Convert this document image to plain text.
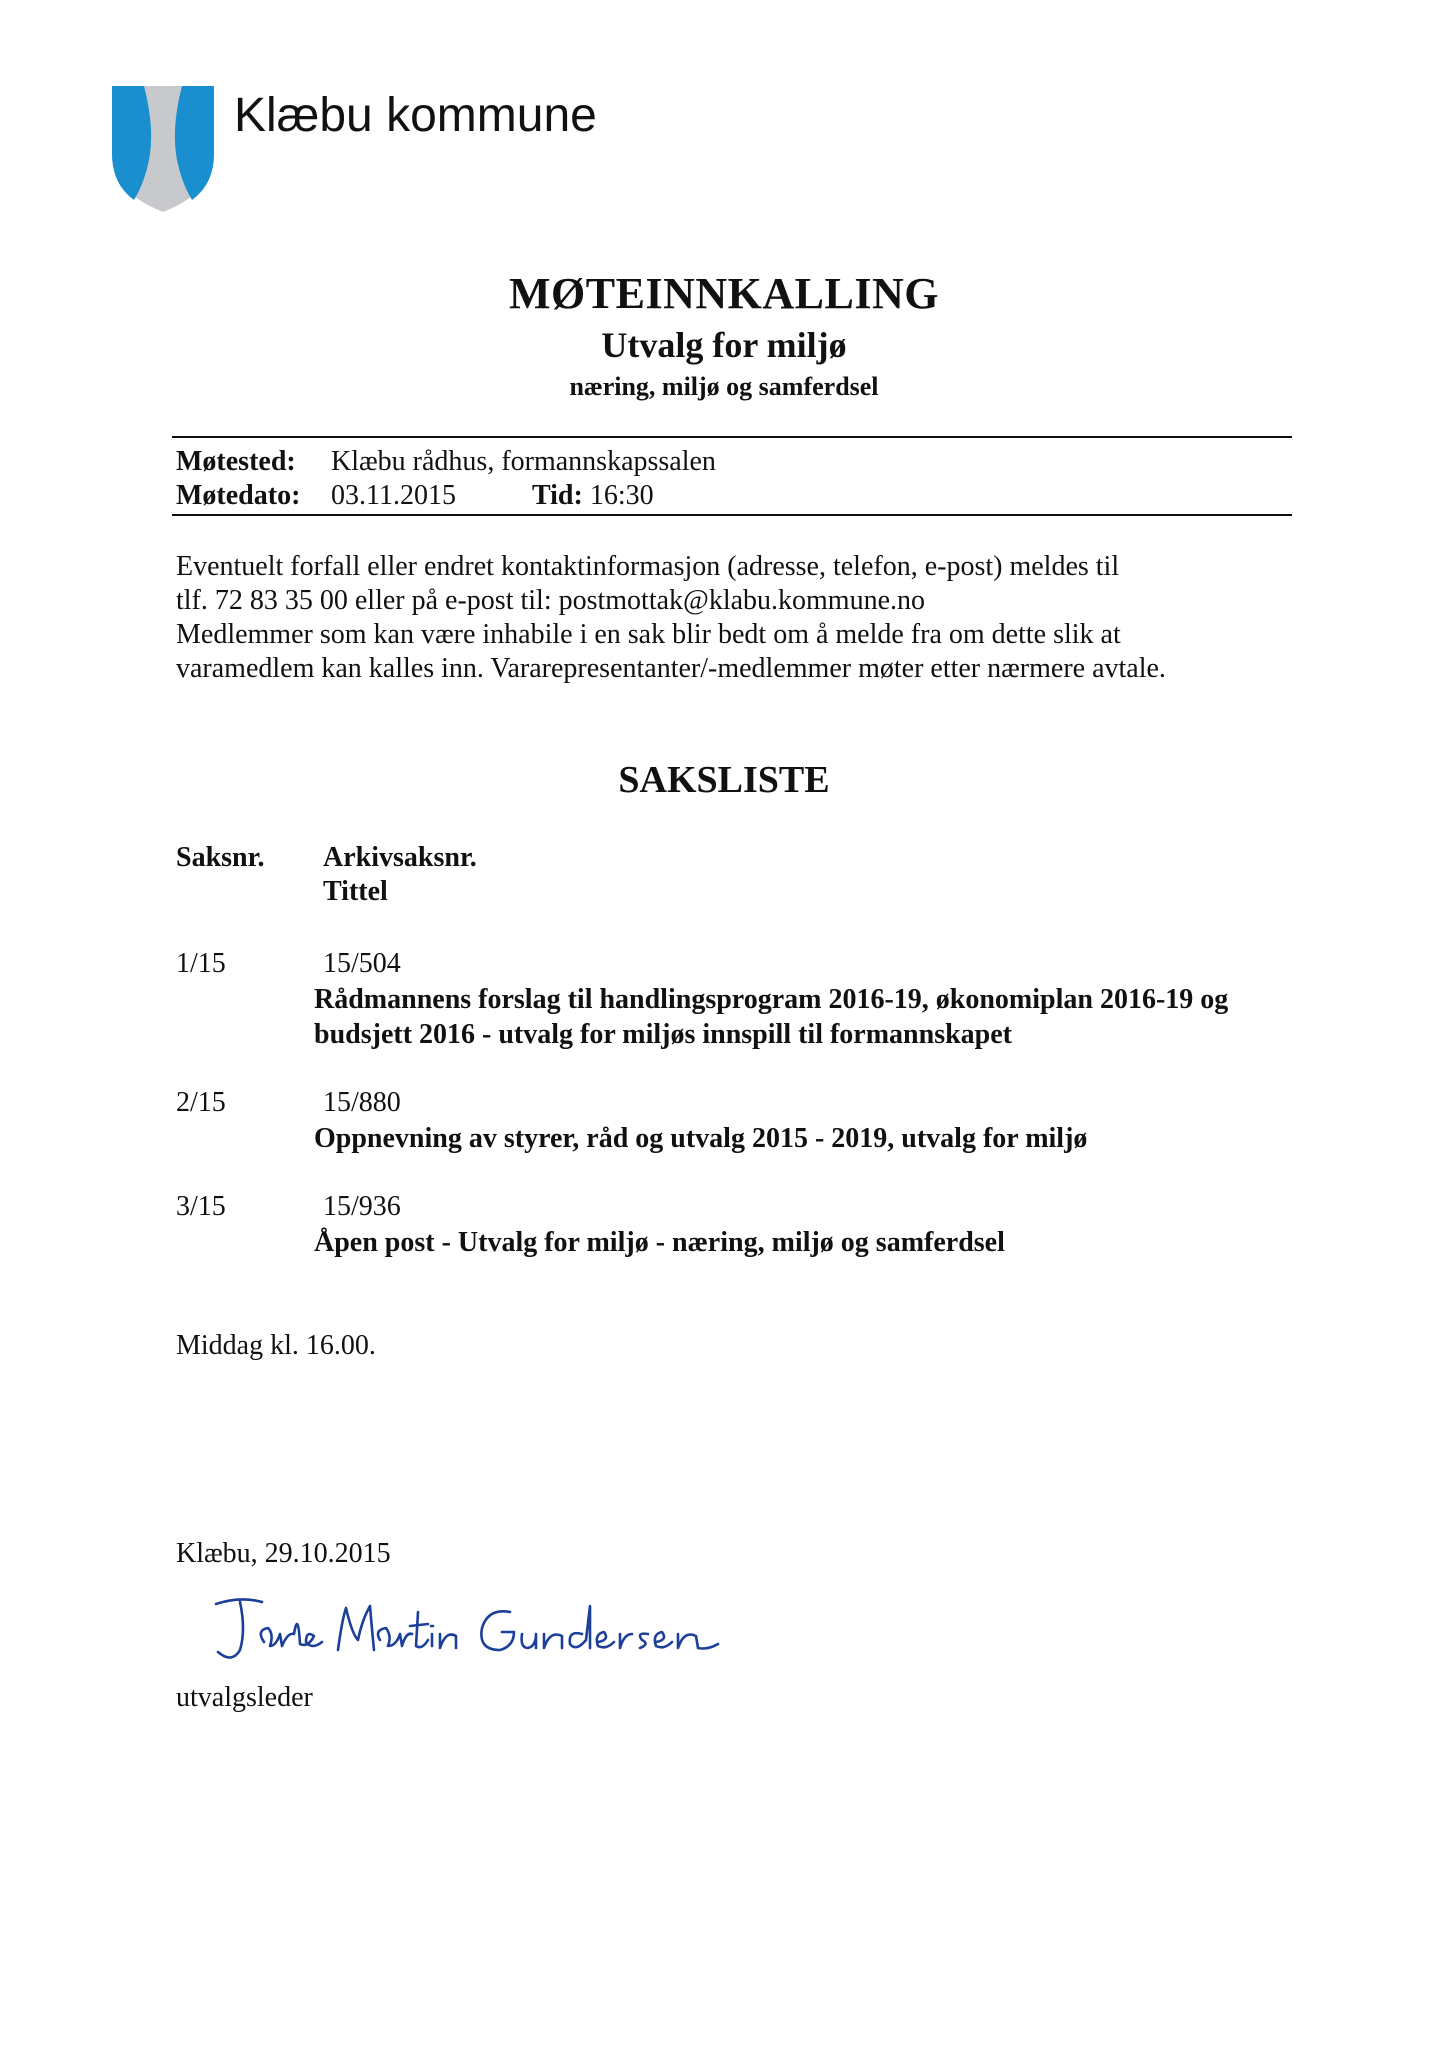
Klæbu kommune
MØTEINNKALLING
Utvalg for miljø
næring, miljø og samferdsel
Møtested: Klæbu rådhus, formannskapssalen
Møtedato: 03.11.2015	Tid: 16:30
Eventuelt forfall eller endret kontaktinformasjon (adresse, telefon, e-post) meldes til
tlf. 72 83 35 00 eller på e-post til: postmottak@klabu.kommune.no
Medlemmer som kan være inhabile i en sak blir bedt om å melde fra om dette slik at
varamedlem kan kalles inn. Vararepresentanter/-medlemmer møter etter nærmere avtale.
SAKSLISTE
Saksnr. Arkivsaksnr.
Tittel
1/15	15/504
Rådmannens forslag til handlingsprogram 2016-19, økonomiplan 2016-19 og
budsjett 2016 - utvalg for miljøs innspill til formannskapet
2/15	15/880
Oppnevning av styrer, råd og utvalg 2015 - 2019, utvalg for miljø
3/15	15/936
Åpen post - Utvalg for miljø - næring, miljø og samferdsel
Middag kl. 16.00.
Klæbu, 29.10.2015
utvalgsleder
